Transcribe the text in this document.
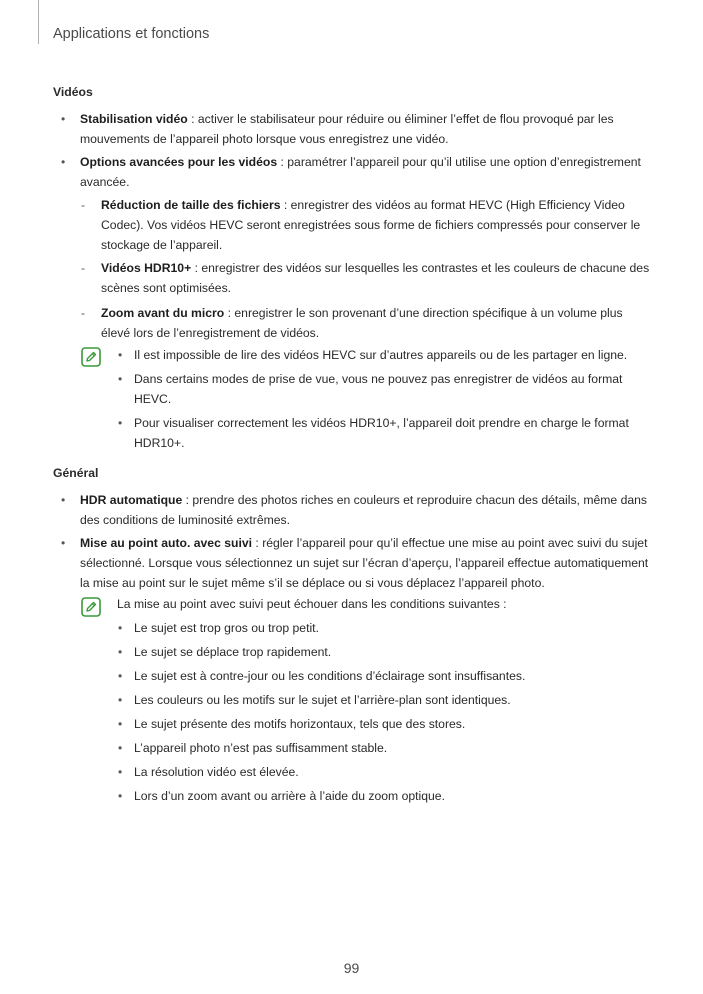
Applications et fonctions
Vidéos
• Stabilisation vidéo : activer le stabilisateur pour réduire ou éliminer l’effet de flou provoqué par les mouvements de l’appareil photo lorsque vous enregistrez une vidéo.
• Options avancées pour les vidéos : paramétrer l’appareil pour qu’il utilise une option d’enregistrement avancée.
- Réduction de taille des fichiers : enregistrer des vidéos au format HEVC (High Efficiency Video Codec). Vos vidéos HEVC seront enregistrées sous forme de fichiers compressés pour conserver le stockage de l’appareil.
- Vidéos HDR10+ : enregistrer des vidéos sur lesquelles les contrastes et les couleurs de chacune des scènes sont optimisées.
- Zoom avant du micro : enregistrer le son provenant d’une direction spécifique à un volume plus élevé lors de l’enregistrement de vidéos.
• Il est impossible de lire des vidéos HEVC sur d’autres appareils ou de les partager en ligne.
• Dans certains modes de prise de vue, vous ne pouvez pas enregistrer de vidéos au format HEVC.
• Pour visualiser correctement les vidéos HDR10+, l’appareil doit prendre en charge le format HDR10+.
Général
• HDR automatique : prendre des photos riches en couleurs et reproduire chacun des détails, même dans des conditions de luminosité extrêmes.
• Mise au point auto. avec suivi : régler l’appareil pour qu’il effectue une mise au point avec suivi du sujet sélectionné. Lorsque vous sélectionnez un sujet sur l’écran d’aperçu, l’appareil effectue automatiquement la mise au point sur le sujet même s’il se déplace ou si vous déplacez l’appareil photo.
La mise au point avec suivi peut échouer dans les conditions suivantes :
• Le sujet est trop gros ou trop petit.
• Le sujet se déplace trop rapidement.
• Le sujet est à contre-jour ou les conditions d’éclairage sont insuffisantes.
• Les couleurs ou les motifs sur le sujet et l’arrière-plan sont identiques.
• Le sujet présente des motifs horizontaux, tels que des stores.
• L’appareil photo n’est pas suffisamment stable.
• La résolution vidéo est élevée.
• Lors d’un zoom avant ou arrière à l’aide du zoom optique.
99
